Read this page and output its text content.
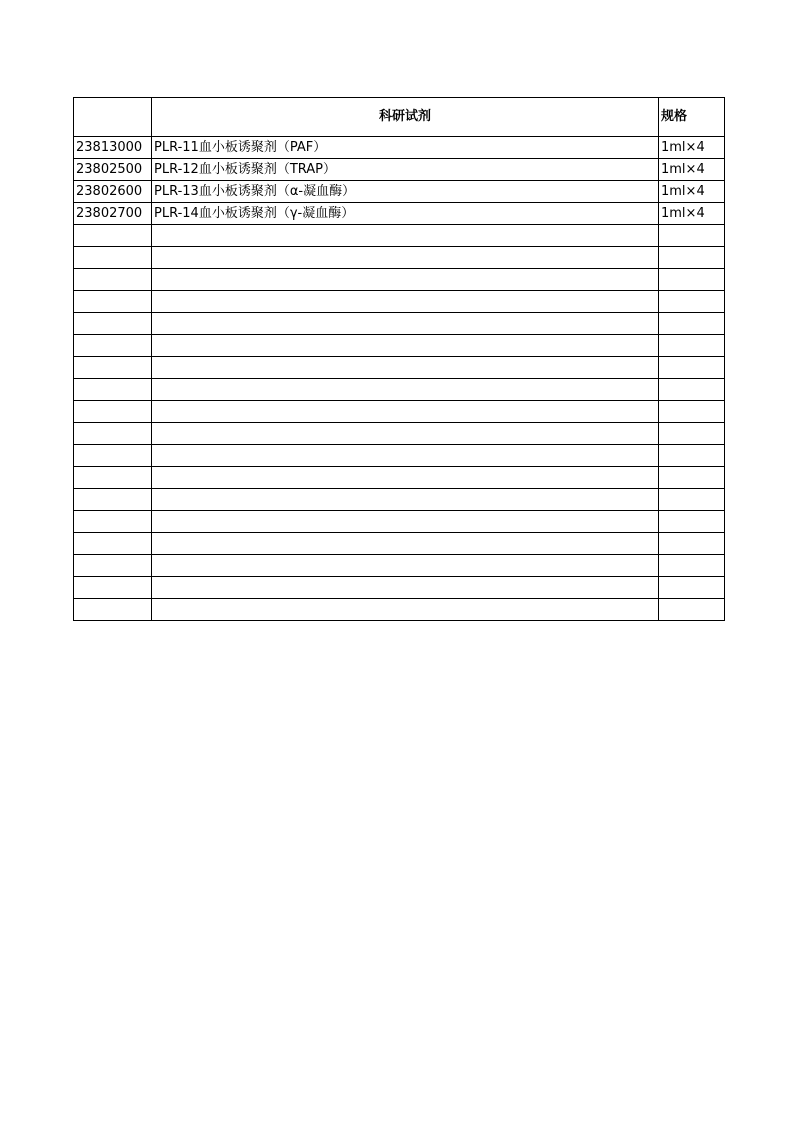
	科研试剂	规格
23813000	PLR-11血小板诱聚剂（PAF）	1ml×4
23802500	PLR-12血小板诱聚剂（TRAP）	1ml×4
23802600	PLR-13血小板诱聚剂（α-凝血酶）	1ml×4
23802700	PLR-14血小板诱聚剂（γ-凝血酶）	1ml×4
